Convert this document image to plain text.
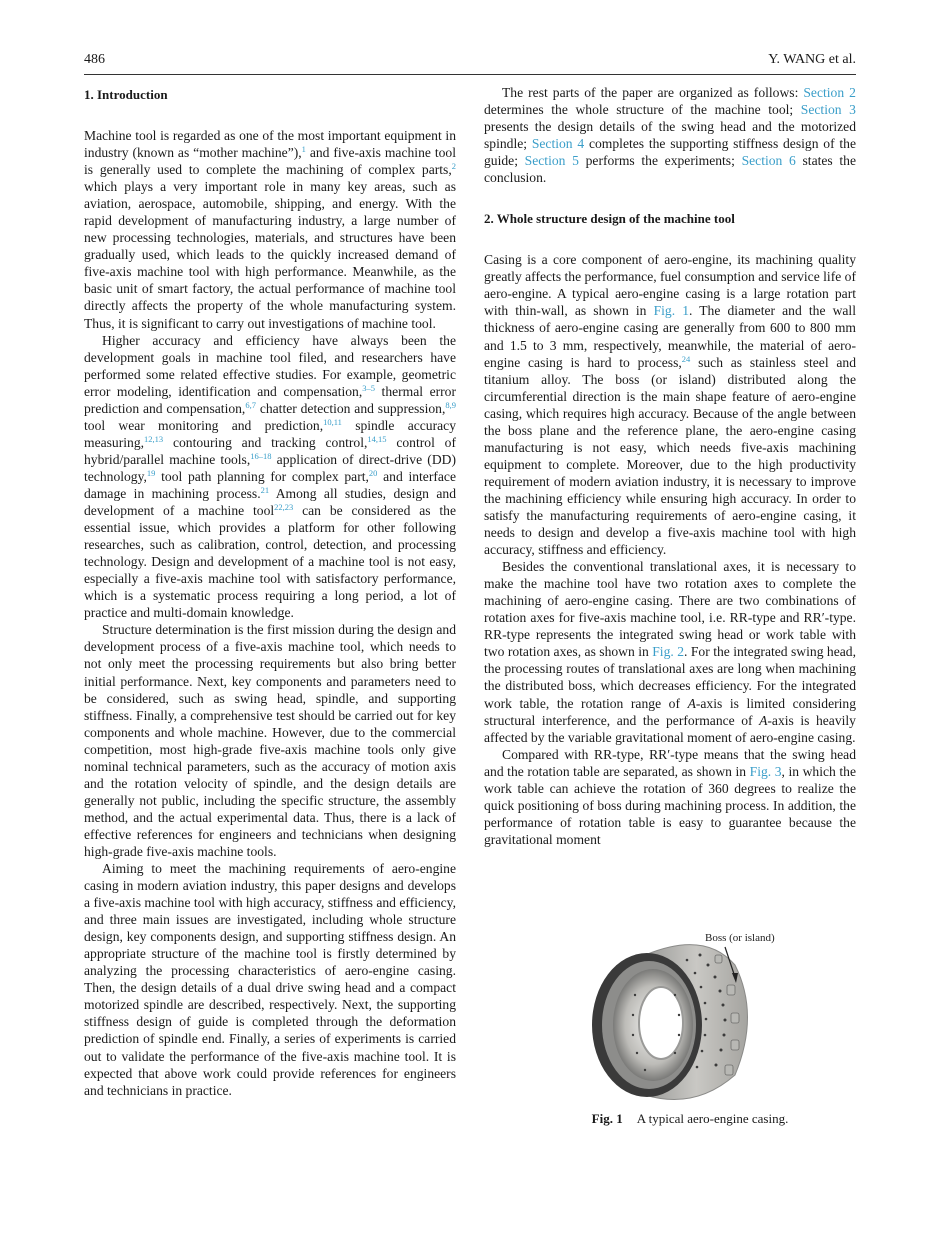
486	Y. WANG et al.
1. Introduction

Machine tool is regarded as one of the most important equipment in industry (known as “mother machine”),$^1$ and five-axis machine tool is generally used to complete the machining of complex parts,$^2$ which plays a very important role in many key areas, such as aviation, aerospace, automobile, shipping, and energy. With the rapid development of manufacturing industry, a large number of new processing technologies, materials, and structures have been gradually used, which leads to the quickly increased demand of five-axis machine tool with high performance. Meanwhile, as the basic unit of smart factory, the actual performance of machine tool directly affects the property of the whole manufacturing system. Thus, it is significant to carry out investigations of machine tool.

Higher accuracy and efficiency have always been the development goals in machine tool filed, and researchers have performed some related effective studies. For example, geometric error modeling, identification and compensation,$^{3-5}$ thermal error prediction and compensation,$^{6,7}$ chatter detection and suppression,$^{8,9}$ tool wear monitoring and prediction,$^{10,11}$ spindle accuracy measuring,$^{12,13}$ contouring and tracking control,$^{14,15}$ control of hybrid/parallel machine tools,$^{16-18}$ application of direct-drive (DD) technology,$^{19}$ tool path planning for complex part,$^{20}$ and interface damage in machining process.$^{21}$ Among all studies, design and development of a machine tool$^{22,23}$ can be considered as the essential issue, which provides a platform for other following researches, such as calibration, control, detection, and processing technology. Design and development of a machine tool is not easy, especially a five-axis machine tool with satisfactory performance, which is a systematic process requiring a long period, a lot of practice and multi-domain knowledge.

Structure determination is the first mission during the design and development process of a five-axis machine tool, which needs to not only meet the processing requirements but also bring better initial performance. Next, key components and parameters need to be considered, such as swing head, spindle, and supporting stiffness. Finally, a comprehensive test should be carried out for key components and whole machine. However, due to the commercial competition, most high-grade five-axis machine tools only give nominal technical parameters, such as the accuracy of motion axis and the rotation velocity of spindle, and the design details are generally not public, including the specific structure, the assembly method, and the actual experimental data. Thus, there is a lack of effective references for engineers and technicians when designing high-grade five-axis machine tools.

Aiming to meet the machining requirements of aero-engine casing in modern aviation industry, this paper designs and develops a five-axis machine tool with high accuracy, stiffness and efficiency, and three main issues are investigated, including whole structure design, key components design, and supporting stiffness design. An appropriate structure of the machine tool is firstly determined by analyzing the processing characteristics of aero-engine casing. Then, the design details of a dual drive swing head and a compact motorized spindle are described, respectively. Next, the supporting stiffness design of guide is completed through the deformation prediction of spindle end. Finally, a series of experiments is carried out to validate the performance of the five-axis machine tool. It is expected that above work could provide references for engineers and technicians in practice.

The rest parts of the paper are organized as follows: Section 2 determines the whole structure of the machine tool; Section 3 presents the design details of the swing head and the motorized spindle; Section 4 completes the supporting stiffness design of the guide; Section 5 performs the experiments; Section 6 states the conclusion.

2. Whole structure design of the machine tool

Casing is a core component of aero-engine, its machining quality greatly affects the performance, fuel consumption and service life of aero-engine. A typical aero-engine casing is a large rotation part with thin-wall, as shown in Fig. 1. The diameter and the wall thickness of aero-engine casing are generally from 600 to 800 mm and 1.5 to 3 mm, respectively, meanwhile, the material of aero-engine casing is hard to process,$^{24}$ such as stainless steel and titanium alloy. The boss (or island) distributed along the circumferential direction is the main shape feature of aero-engine casing, which requires high accuracy. Because of the angle between the boss plane and the reference plane, the aero-engine casing manufacturing is not easy, which needs five-axis machining equipment to complete. Moreover, due to the high productivity requirement of modern aviation industry, it is necessary to improve the machining efficiency while ensuring high accuracy. In order to satisfy the manufacturing requirements of aero-engine casing, it needs to design and develop a five-axis machine tool with high accuracy, stiffness and efficiency.

Besides the conventional translational axes, it is necessary to make the machine tool have two rotation axes to complete the machining of aero-engine casing. There are two combinations of rotation axes for five-axis machine tool, i.e. RR-type and RR′-type. RR-type represents the integrated swing head or work table with two rotation axes, as shown in Fig. 2. For the integrated swing head, the processing routes of translational axes are long when machining the distributed boss, which decreases efficiency. For the integrated work table, the rotation range of A-axis is limited considering structural interference, and the performance of A-axis is heavily affected by the variable gravitational moment of aero-engine casing.

Compared with RR-type, RR′-type means that the swing head and the rotation table are separated, as shown in Fig. 3, in which the work table can achieve the rotation of 360 degrees to realize the quick positioning of boss during machining process. In addition, the performance of rotation table is easy to guarantee because the gravitational moment

Boss (or island)
Fig. 1 A typical aero-engine casing.
